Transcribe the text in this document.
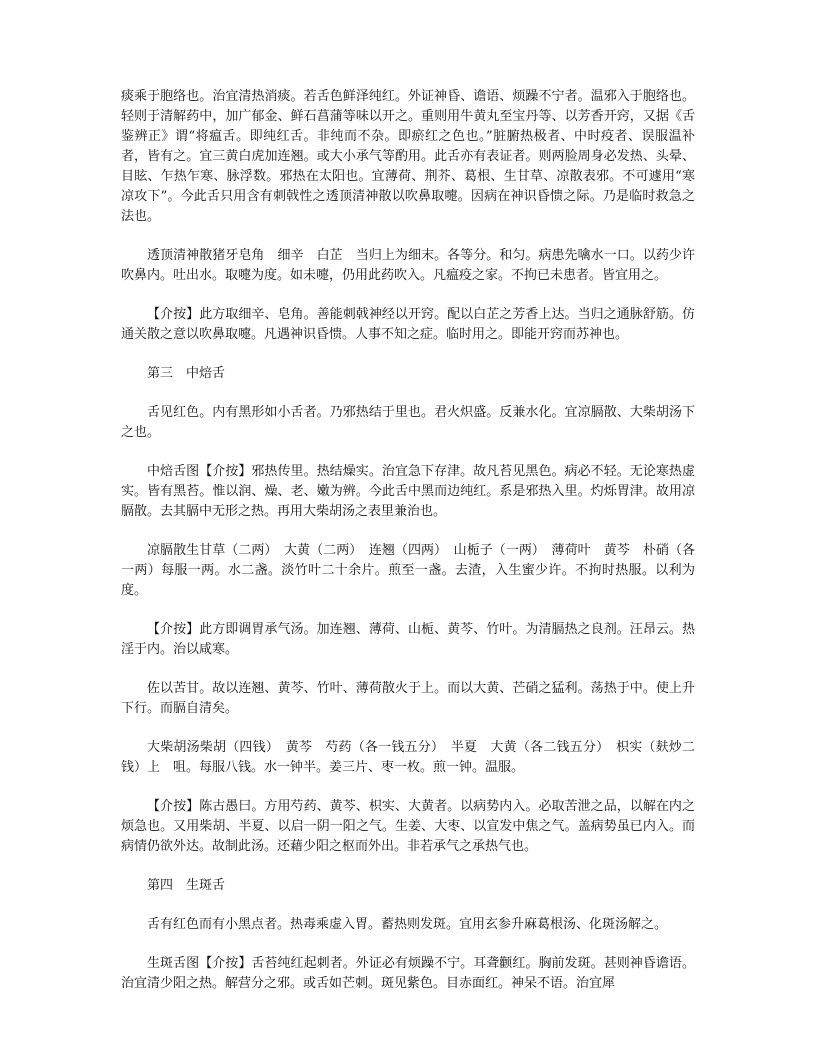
痰乘于胞络也。治宜清热消痰。若舌色鲜泽纯红。外证神昏、谵语、烦躁不宁者。温邪入于胞络也。轻则于清解药中，加广郁金、鲜石菖蒲等味以开之。重则用牛黄丸至宝丹等、以芳香开窍，又据《舌鉴辨正》谓“将瘟舌。即纯红舌。非纯而不杂。即瘀红之色也。”脏腑热极者、中时疫者、误服温补者，皆有之。宜三黄白虎加连翘。或大小承气等酌用。此舌亦有表证者。则两脸周身必发热、头晕、目眩、乍热乍寒、脉浮数。邪热在太阳也。宜薄荷、荆芥、葛根、生甘草、凉散表邪。不可遽用“寒凉攻下”。今此舌只用含有刺戟性之透顶清神散以吹鼻取嚏。因病在神识昏愦之际。乃是临时救急之法也。

透顶清神散猪牙皂角　细辛　白芷　当归上为细末。各等分。和匀。病患先噙水一口。以药少许吹鼻内。吐出水。取嚏为度。如未嚏，仍用此药吹入。凡瘟疫之家。不拘已未患者。皆宜用之。

【介按】此方取细辛、皂角。善能刺戟神经以开窍。配以白芷之芳香上达。当归之通脉舒筋。仿通关散之意以吹鼻取嚏。凡遇神识昏愦。人事不知之症。临时用之。即能开窍而苏神也。

第三　中焙舌

舌见红色。内有黑形如小舌者。乃邪热结于里也。君火炽盛。反兼水化。宜凉膈散、大柴胡汤下之也。

中焙舌图【介按】邪热传里。热结燥实。治宜急下存津。故凡苔见黑色。病必不轻。无论寒热虚实。皆有黑苔。惟以润、燥、老、嫩为辨。今此舌中黑而边纯红。系是邪热入里。灼烁胃津。故用凉膈散。去其膈中无形之热。再用大柴胡汤之表里兼治也。

凉膈散生甘草（二两）　大黄（二两）　连翘（四两）　山栀子（一两）　薄荷叶　黄芩　朴硝（各一两）每服一两。水二盏。淡竹叶二十余片。煎至一盏。去渣，入生蜜少许。不拘时热服。以利为度。

【介按】此方即调胃承气汤。加连翘、薄荷、山栀、黄芩、竹叶。为清膈热之良剂。汪昂云。热淫于内。治以咸寒。

佐以苦甘。故以连翘、黄芩、竹叶、薄荷散火于上。而以大黄、芒硝之猛利。荡热于中。使上升下行。而膈自清矣。

大柴胡汤柴胡（四钱）　黄芩　芍药（各一钱五分）　半夏　大黄（各二钱五分）　枳实（麸炒二钱）上　咀。每服八钱。水一钟半。姜三片、枣一枚。煎一钟。温服。

【介按】陈古愚曰。方用芍药、黄芩、枳实、大黄者。以病势内入。必取苦泄之品，以解在内之烦急也。又用柴胡、半夏、以启一阴一阳之气。生姜、大枣、以宣发中焦之气。盖病势虽已内入。而病情仍欲外达。故制此汤。还藉少阳之枢而外出。非若承气之承热气也。

第四　生斑舌

舌有红色而有小黑点者。热毒乘虚入胃。蓄热则发斑。宜用玄参升麻葛根汤、化斑汤解之。

生斑舌图【介按】舌苔纯红起刺者。外证必有烦躁不宁。耳聋颧红。胸前发斑。甚则神昏谵语。治宜清少阳之热。解营分之邪。或舌如芒刺。斑见紫色。目赤面红。神呆不语。治宜犀
